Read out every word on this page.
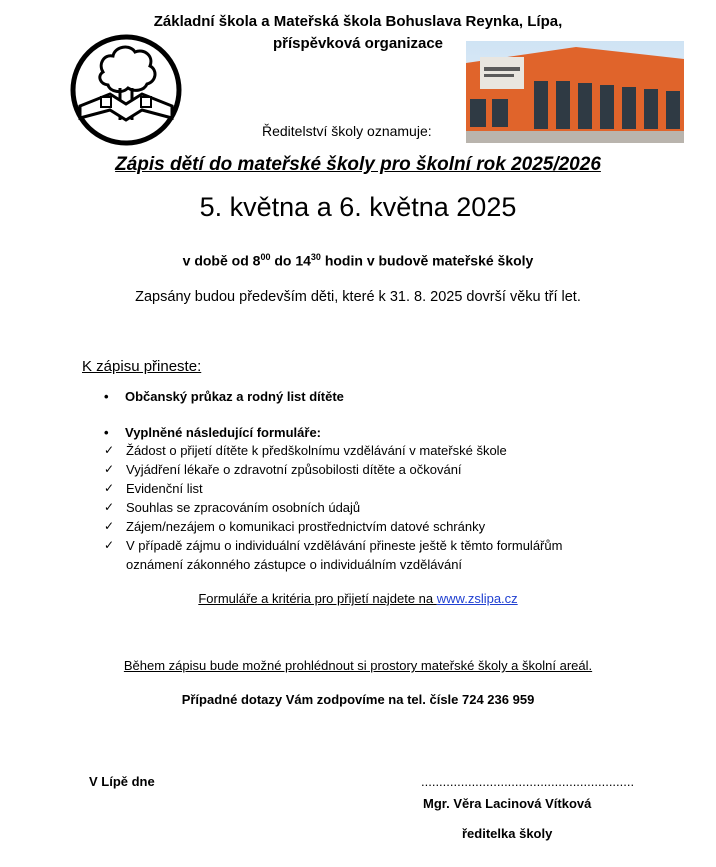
Základní škola a Mateřská škola Bohuslava Reynka, Lípa,
příspěvková organizace
Ředitelství školy oznamuje:
Zápis dětí do mateřské školy pro školní rok 2025/2026
5. května a 6. května 2025
v době od $8^{00}$ do $14^{30}$ hodin v budově mateřské školy
Zapsány budou především děti, které k 31. 8. 2025 dovrší věku tří let.
K zápisu přineste:
• Občanský průkaz a rodný list dítěte
• Vyplněné následující formuláře:
✓ Žádost o přijetí dítěte k předškolnímu vzdělávání v mateřské škole
✓ Vyjádření lékaře o zdravotní způsobilosti dítěte a očkování
✓ Evidenční list
✓ Souhlas se zpracováním osobních údajů
✓ Zájem/nezájem o komunikaci prostřednictvím datové schránky
✓ V případě zájmu o individuální vzdělávání přineste ještě k těmto formulářům
oznámení zákonného zástupce o individuálním vzdělávání
Formuláře a kritéria pro přijetí najdete na www.zslipa.cz
Během zápisu bude možné prohlédnout si prostory mateřské školy a školní areál.
Případné dotazy Vám zodpovíme na tel. čísle 724 236 959
V Lípě dne	...........................................................
Mgr. Věra Lacinová Vítková
ředitelka školy
